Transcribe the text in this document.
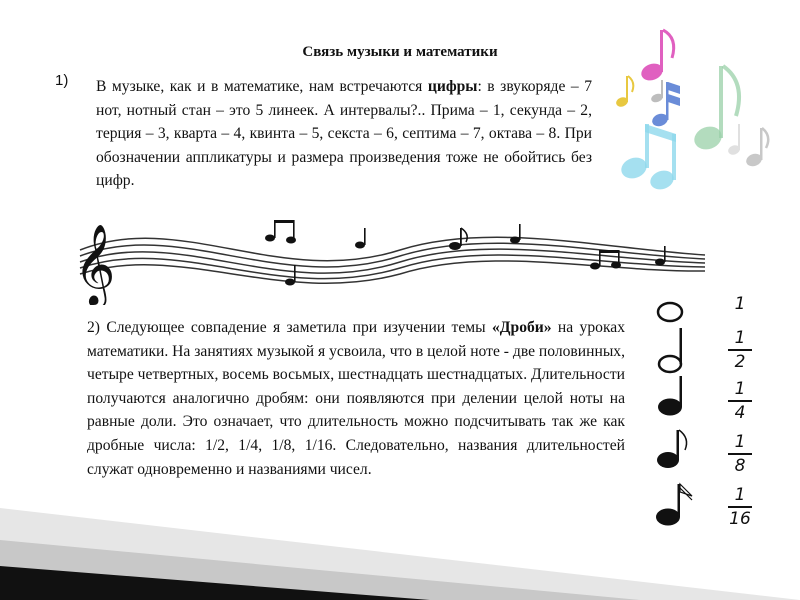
Связь музыки и математики
1) В музыке, как и в математике, нам встречаются цифры: в звукоряде – 7 нот, нотный стан – это 5 линеек. А интервалы?.. Прима – 1, секунда – 2, терция – 3, кварта – 4, квинта – 5, секста – 6, септима – 7, октава – 8. При обозначении аппликатуры и размера произведения тоже не обойтись без цифр.
2) Следующее совпадение я заметила при изучении темы «Дроби» на уроках математики. На занятиях музыкой я усвоила, что в целой ноте - две половинных, четыре четвертных, восемь восьмых, шестнадцать шестнадцатых. Длительности получаются аналогично дробям: они появляются при делении целой ноты на равные доли. Это означает, что длительность можно подсчитывать так же как дробные числа: 1/2, 1/4, 1/8, 1/16. Следовательно, названия длительностей служат одновременно и названиями чисел.
𝄞	1
1
2
1
4
1
8
1
16
